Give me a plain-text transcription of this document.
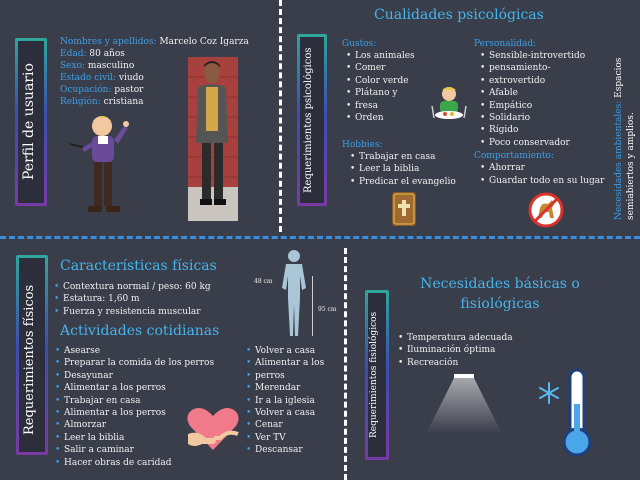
Perfil de usuario
Nombres y apellidos: Marcelo Coz Igarza
Edad: 80 años
Sexo: masculino
Estado civil: viudo
Ocupación: pastor
Religión: cristiana	Requerimientos psicológicos
Cualidades psicológicas
Gustos:
• Los animales
• Comer
• Color verde
• Plátano y
• fresa
• Orden
Hobbies:
• Trabajar en casa
• Leer la biblia
• Predicar el evangelio
Personalidad:
• Sensible-introvertido
• pensamiento-
• extrovertido
• Afable
• Empático
• Solidario
• Rígido
• Poco conservador
Comportamiento:
• Ahorrar
• Guardar todo en su lugar	Necesidades ambientales: Espacios
semiabiertos y amplios.
Requerimientos físicos
Características físicas
• Contextura normal / peso: 60 kg
• Estatura: 1,60 m
• Fuerza y resistencia muscular
48 cm
95 cm
Actividades cotidianas
• Asearse
• Preparar la comida de los perros
• Desayunar
• Alimentar a los perros
• Trabajar en casa
• Alimentar a los perros
• Almorzar
• Leer la biblia
• Salir a caminar
• Hacer obras de caridad
• Volver a casa
• Alimentar a los
• perros
• Merendar
• Ir a la iglesia
• Volver a casa
• Cenar
• Ver TV
• Descansar
Requerimientos fisiológicos
Necesidades básicas o fisiológicas
• Temperatura adecuada
• Iluminación óptima
• Recreación
